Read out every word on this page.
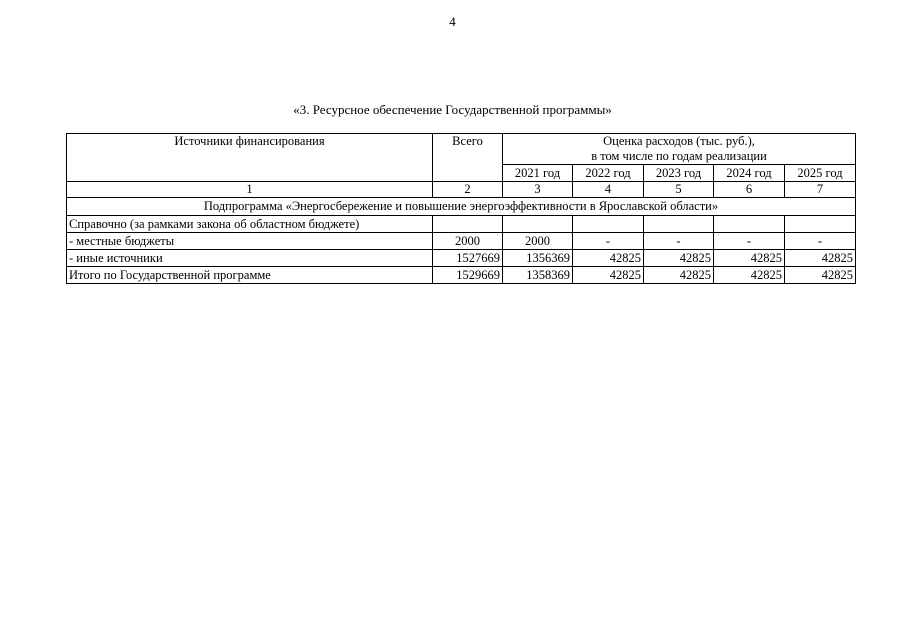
4
«3. Ресурсное обеспечение Государственной программы»
Источники финансирования	Всего	Оценка расходов (тыс. руб.),
в том числе по годам реализации				

		2021 год	2022 год	2023 год	2024 год	2025 год
1	2	3	4	5	6	7
Подпрограмма «Энергосбережение и повышение энергоэффективности в Ярославской области»						
Справочно (за рамками закона об областном бюджете)						
- местные бюджеты	2000	2000	-	-	-	-
- иные источники	1527669	1356369	42825	42825	42825	42825
Итого по Государственной программе	1529669	1358369	42825	42825	42825	42825
